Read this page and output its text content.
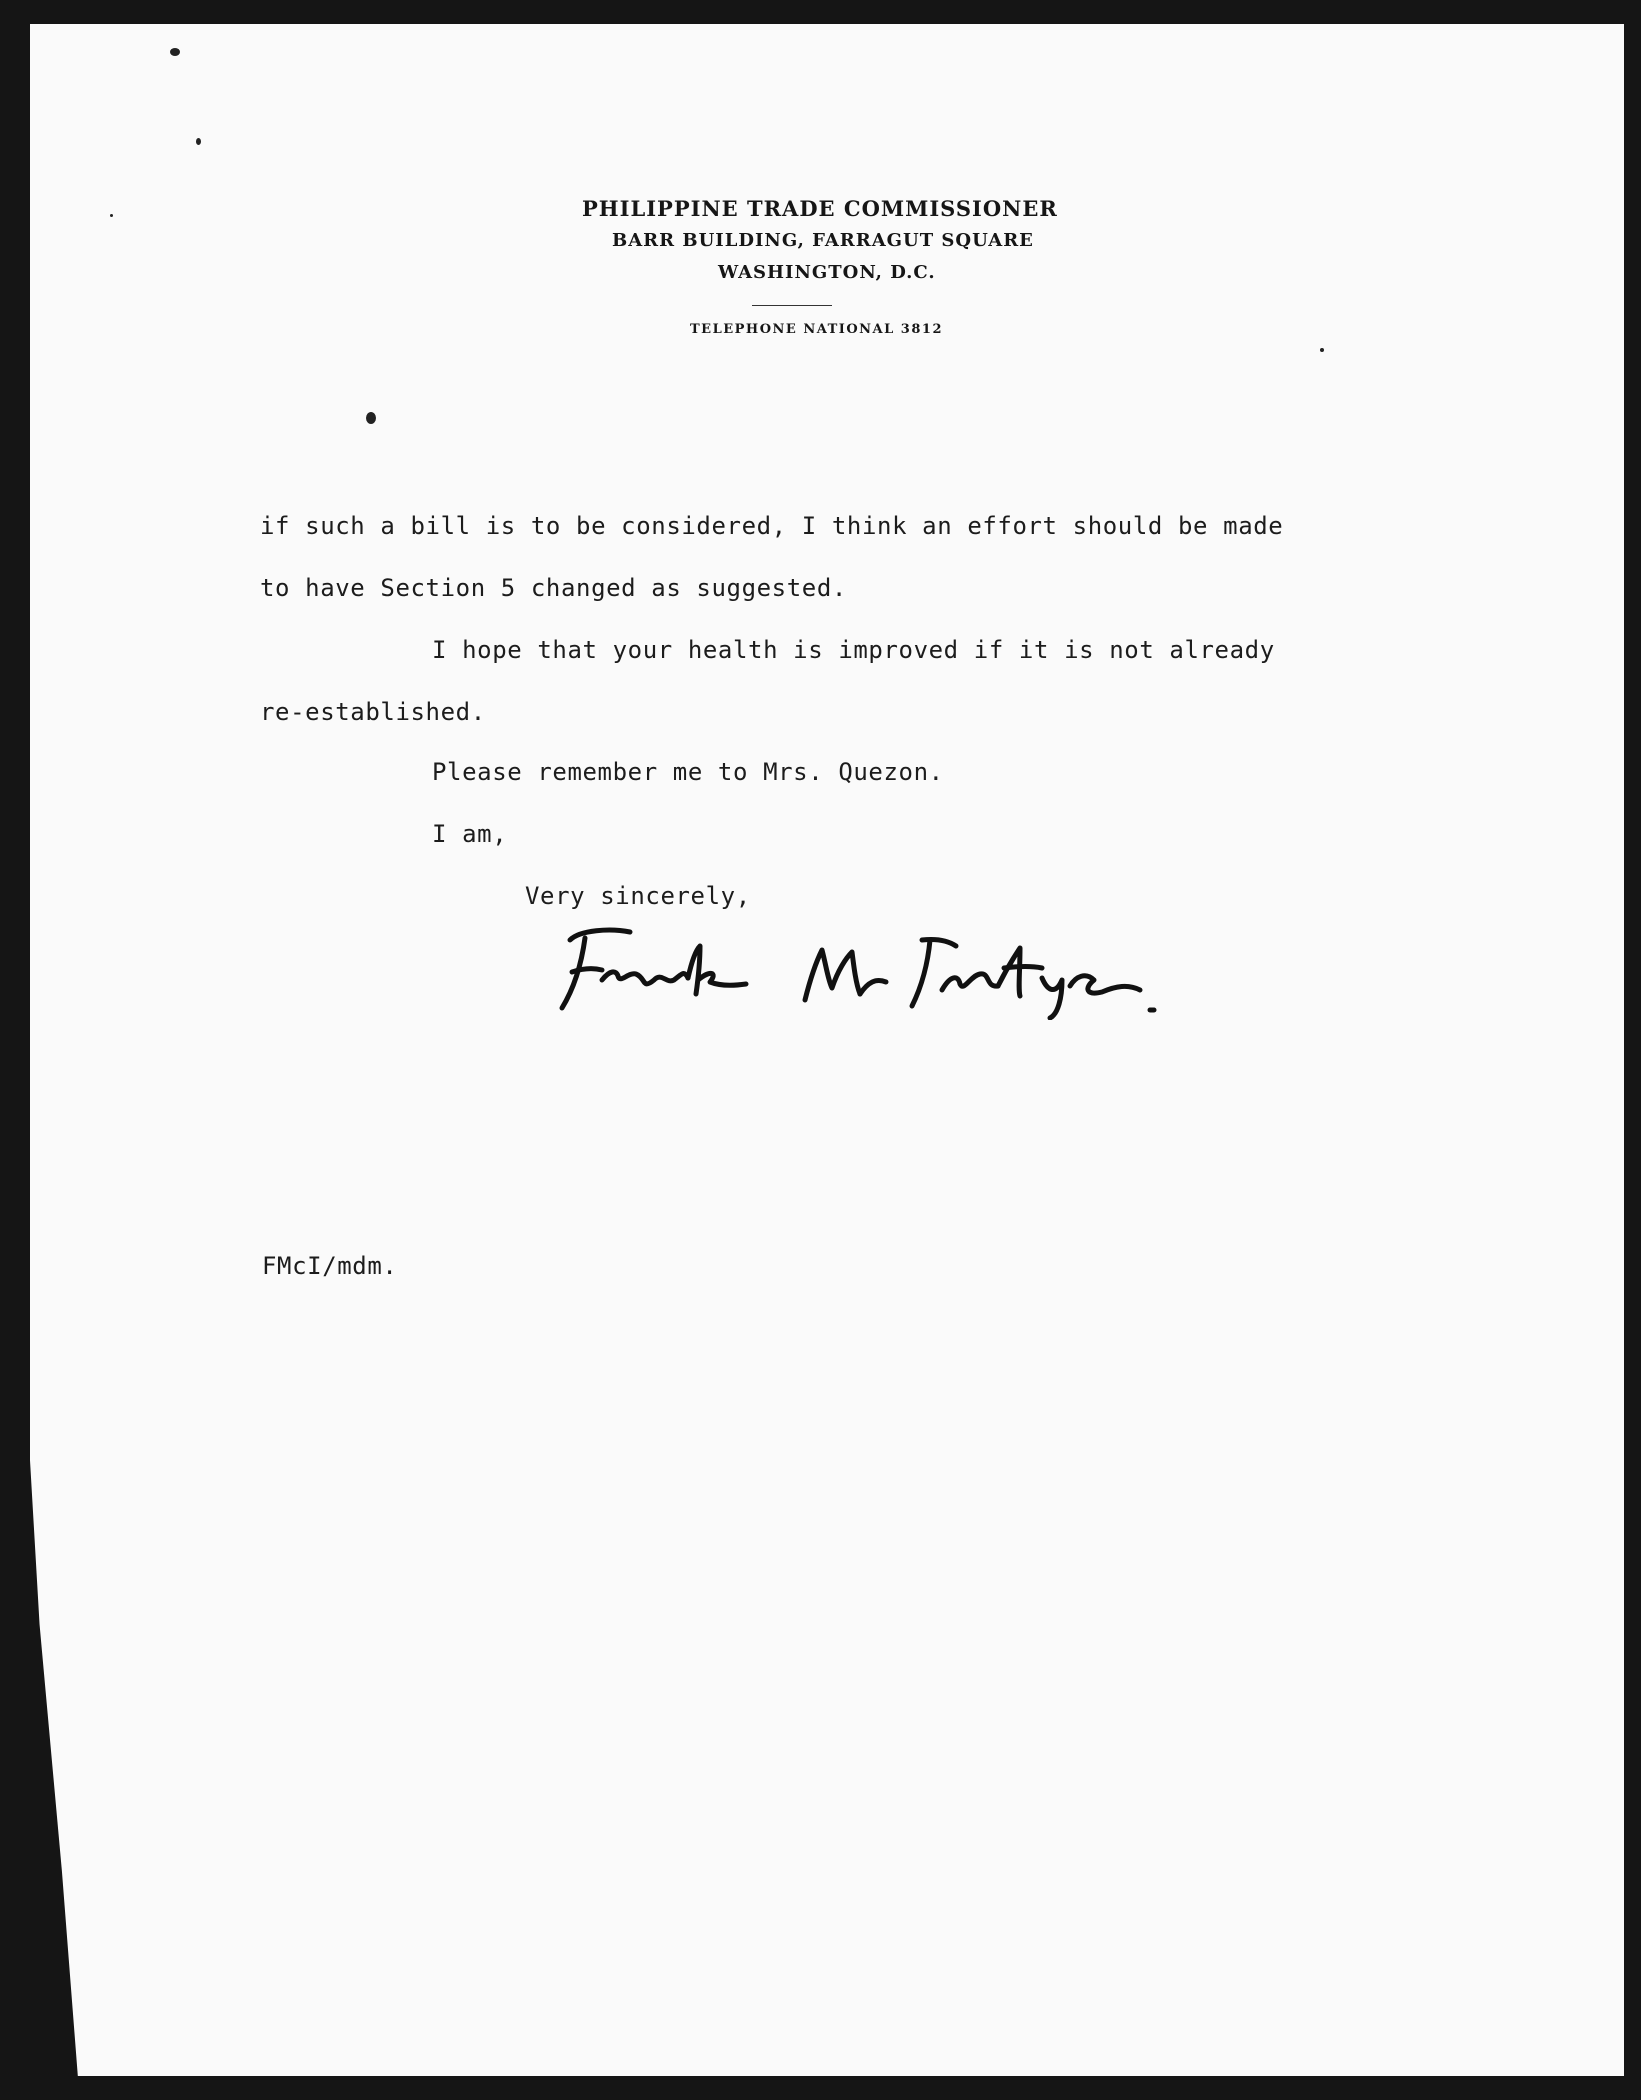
PHILIPPINE TRADE COMMISSIONER
BARR BUILDING, FARRAGUT SQUARE
WASHINGTON, D.C.
TELEPHONE NATIONAL 3812
if such a bill is to be considered, I think an effort should be made
to have Section 5 changed as suggested.
I hope that your health is improved if it is not already
re-established.
Please remember me to Mrs. Quezon.
I am,
Very sincerely,
FMcI/mdm.
